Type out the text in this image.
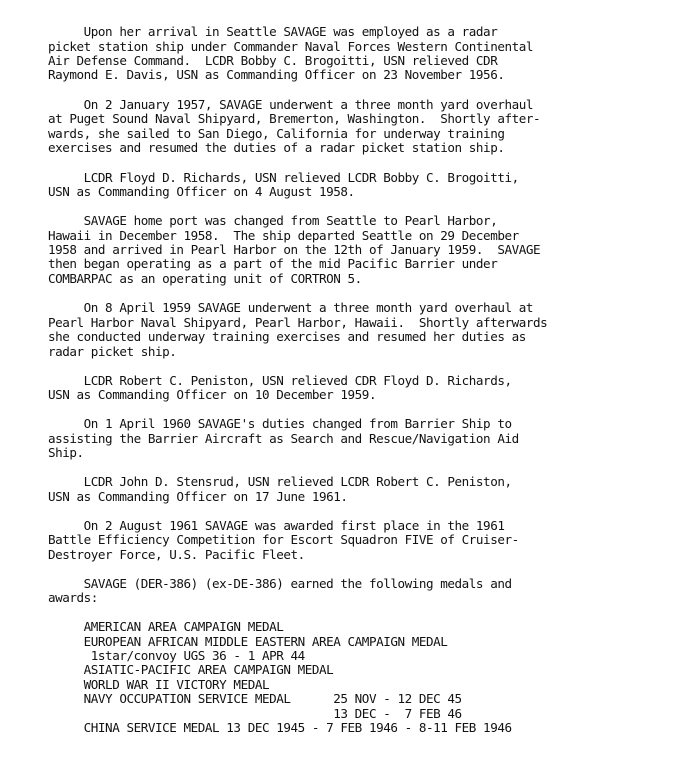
Upon her arrival in Seattle SAVAGE was employed as a radar
picket station ship under Commander Naval Forces Western Continental
Air Defense Command.  LCDR Bobby C. Brogoitti, USN relieved CDR
Raymond E. Davis, USN as Commanding Officer on 23 November 1956.
On 2 January 1957, SAVAGE underwent a three month yard overhaul
at Puget Sound Naval Shipyard, Bremerton, Washington.  Shortly after-
wards, she sailed to San Diego, California for underway training
exercises and resumed the duties of a radar picket station ship.
LCDR Floyd D. Richards, USN relieved LCDR Bobby C. Brogoitti,
USN as Commanding Officer on 4 August 1958.
SAVAGE home port was changed from Seattle to Pearl Harbor,
Hawaii in December 1958.  The ship departed Seattle on 29 December
1958 and arrived in Pearl Harbor on the 12th of January 1959.  SAVAGE
then began operating as a part of the mid Pacific Barrier under
COMBARPAC as an operating unit of CORTRON 5.
On 8 April 1959 SAVAGE underwent a three month yard overhaul at
Pearl Harbor Naval Shipyard, Pearl Harbor, Hawaii.  Shortly afterwards
she conducted underway training exercises and resumed her duties as
radar picket ship.
LCDR Robert C. Peniston, USN relieved CDR Floyd D. Richards,
USN as Commanding Officer on 10 December 1959.
On 1 April 1960 SAVAGE's duties changed from Barrier Ship to
assisting the Barrier Aircraft as Search and Rescue/Navigation Aid
Ship.
LCDR John D. Stensrud, USN relieved LCDR Robert C. Peniston,
USN as Commanding Officer on 17 June 1961.
On 2 August 1961 SAVAGE was awarded first place in the 1961
Battle Efficiency Competition for Escort Squadron FIVE of Cruiser-
Destroyer Force, U.S. Pacific Fleet.
SAVAGE (DER-386) (ex-DE-386) earned the following medals and
awards:
AMERICAN AREA CAMPAIGN MEDAL
EUROPEAN AFRICAN MIDDLE EASTERN AREA CAMPAIGN MEDAL
1star/convoy UGS 36 - 1 APR 44
ASIATIC-PACIFIC AREA CAMPAIGN MEDAL
WORLD WAR II VICTORY MEDAL
NAVY OCCUPATION SERVICE MEDAL      25 NOV - 12 DEC 45
13 DEC -  7 FEB 46
CHINA SERVICE MEDAL 13 DEC 1945 - 7 FEB 1946 - 8-11 FEB 1946
